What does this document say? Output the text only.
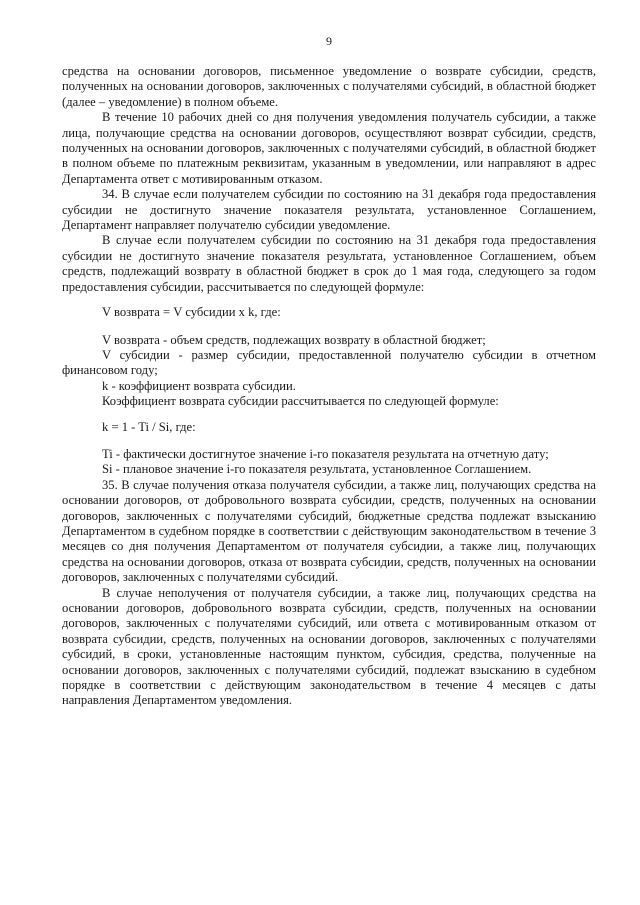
9

средства на основании договоров, письменное уведомление о возврате субсидии, средств, полученных на основании договоров, заключенных с получателями субсидий, в областной бюджет (далее – уведомление) в полном объеме.

В течение 10 рабочих дней со дня получения уведомления получатель субсидии, а также лица, получающие средства на основании договоров, осуществляют возврат субсидии, средств, полученных на основании договоров, заключенных с получателями субсидий, в областной бюджет в полном объеме по платежным реквизитам, указанным в уведомлении, или направляют в адрес Департамента ответ с мотивированным отказом.

34. В случае если получателем субсидии по состоянию на 31 декабря года предоставления субсидии не достигнуто значение показателя результата, установленное Соглашением, Департамент направляет получателю субсидии уведомление.

В случае если получателем субсидии по состоянию на 31 декабря года предоставления субсидии не достигнуто значение показателя результата, установленное Соглашением, объем средств, подлежащий возврату в областной бюджет в срок до 1 мая года, следующего за годом предоставления субсидии, рассчитывается по следующей формуле:

V возврата = V субсидии x k, где:

V возврата - объем средств, подлежащих возврату в областной бюджет;

V субсидии - размер субсидии, предоставленной получателю субсидии в отчетном финансовом году;

k - коэффициент возврата субсидии.

Коэффициент возврата субсидии рассчитывается по следующей формуле:

k = 1 - Ti / Si, где:

Ti - фактически достигнутое значение i-го показателя результата на отчетную дату;

Si - плановое значение i-го показателя результата, установленное Соглашением.

35. В случае получения отказа получателя субсидии, а также лиц, получающих средства на основании договоров, от добровольного возврата субсидии, средств, полученных на основании договоров, заключенных с получателями субсидий, бюджетные средства подлежат взысканию Департаментом в судебном порядке в соответствии с действующим законодательством в течение 3 месяцев со дня получения Департаментом от получателя субсидии, а также лиц, получающих средства на основании договоров, отказа от возврата субсидии, средств, полученных на основании договоров, заключенных с получателями субсидий.

В случае неполучения от получателя субсидии, а также лиц, получающих средства на основании договоров, добровольного возврата субсидии, средств, полученных на основании договоров, заключенных с получателями субсидий, или ответа с мотивированным отказом от возврата субсидии, средств, полученных на основании договоров, заключенных с получателями субсидий, в сроки, установленные настоящим пунктом, субсидия, средства, полученные на основании договоров, заключенных с получателями субсидий, подлежат взысканию в судебном порядке в соответствии с действующим законодательством в течение 4 месяцев с даты направления Департаментом уведомления.
